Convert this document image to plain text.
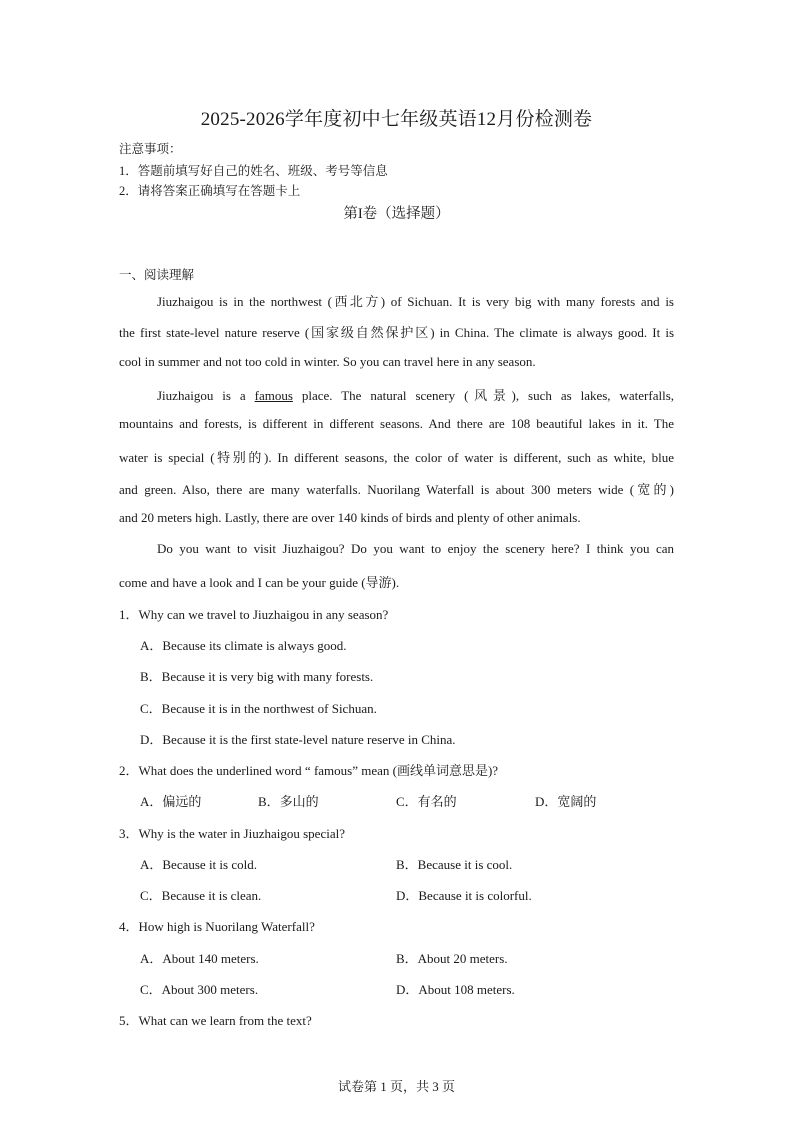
2025-2026学年度初中七年级英语12月份检测卷
注意事项：
1．答题前填写好自己的姓名、班级、考号等信息
2．请将答案正确填写在答题卡上
第I卷（选择题）
一、阅读理解
Jiuzhaigou is in the northwest (西北方) of Sichuan. It is very big with many forests and is
the first state-level nature reserve (国家级自然保护区) in China. The climate is always good. It is
cool in summer and not too cold in winter. So you can travel here in any season.
Jiuzhaigou is a famous place. The natural scenery (风景), such as lakes, waterfalls,
mountains and forests, is different in different seasons. And there are 108 beautiful lakes in it. The
water is special (特别的). In different seasons, the color of water is different, such as white, blue
and green. Also, there are many waterfalls. Nuorilang Waterfall is about 300 meters wide (宽的)
and 20 meters high. Lastly, there are over 140 kinds of birds and plenty of other animals.
Do you want to visit Jiuzhaigou? Do you want to enjoy the scenery here? I think you can
come and have a look and I can be your guide (导游).
1．Why can we travel to Jiuzhaigou in any season?
A．Because its climate is always good.
B．Because it is very big with many forests.
C．Because it is in the northwest of Sichuan.
D．Because it is the first state-level nature reserve in China.
2．What does the underlined word “ famous” mean (画线单词意思是)?
A．偏远的	B．多山的	C．有名的	D．宽阔的
3．Why is the water in Jiuzhaigou special?
A．Because it is cold.	B．Because it is cool.
C．Because it is clean.	D．Because it is colorful.
4．How high is Nuorilang Waterfall?
A．About 140 meters.	B．About 20 meters.
C．About 300 meters.	D．About 108 meters.
5．What can we learn from the text?
试卷第 1 页，共 3 页
